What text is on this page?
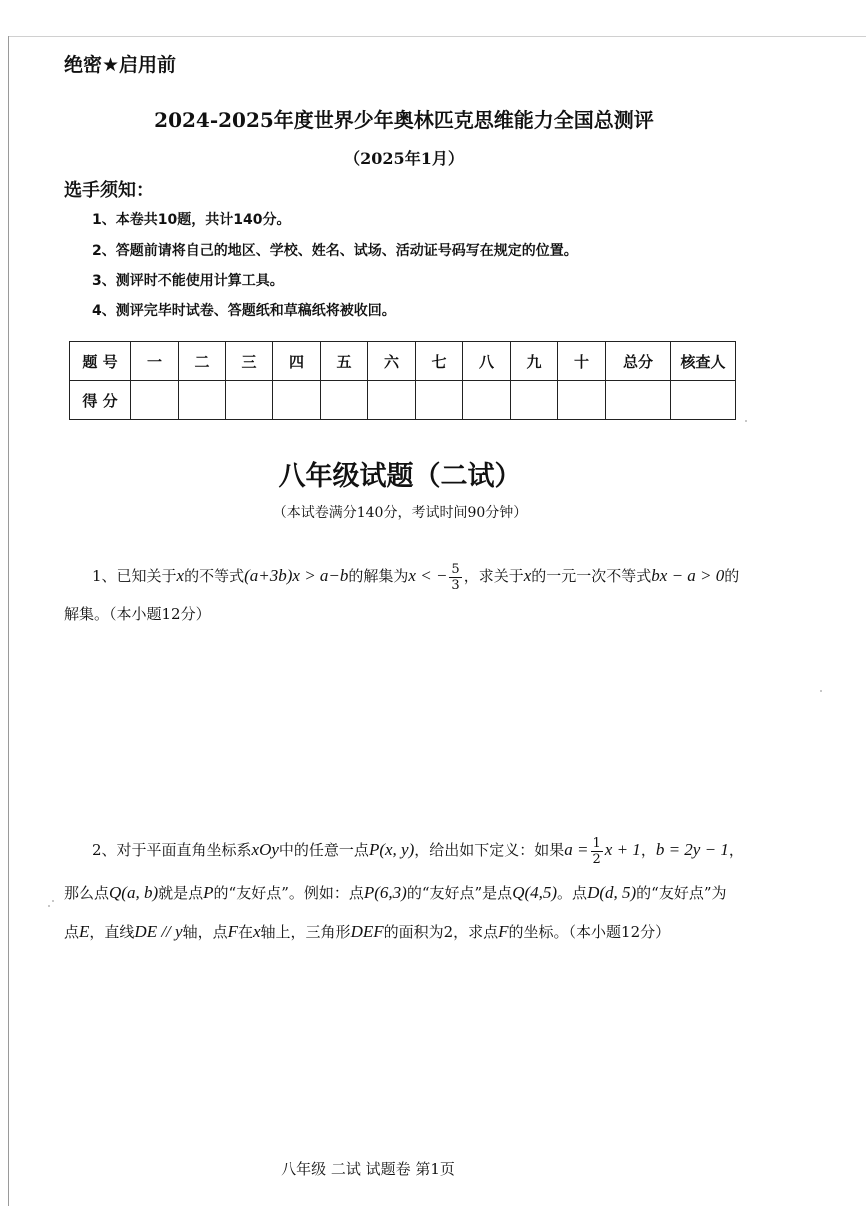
绝密★启用前
2024-2025年度世界少年奥林匹克思维能力全国总测评
（2025年1月）
选手须知：
1、本卷共10题，共计140分。
2、答题前请将自己的地区、学校、姓名、试场、活动证号码写在规定的位置。
3、测评时不能使用计算工具。
4、测评完毕时试卷、答题纸和草稿纸将被收回。
题 号	一	二	三	四	五	六	七	八	九	十	总分	核查人
得 分												
八年级试题（二试）
（本试卷满分140分，考试时间90分钟）
1、已知关于x的不等式(a+3b)x > a−b的解集为x < − $\frac{5}{3}$ ，求关于x的一元一次不等式bx − a > 0的
解集。（本小题12分）
2、对于平面直角坐标系xOy中的任意一点P(x, y)，给出如下定义：如果$a = \frac{1}{2}$ x + 1，b = 2y − 1，
那么点Q(a, b)就是点P的“友好点”。例如：点P(6,3)的“友好点”是点Q(4,5)。点D(d, 5)的“友好点”为
点E，直线DE // y轴，点F在x轴上，三角形DEF的面积为2，求点F的坐标。（本小题12分）
八年级 二试 试题卷 第1页
